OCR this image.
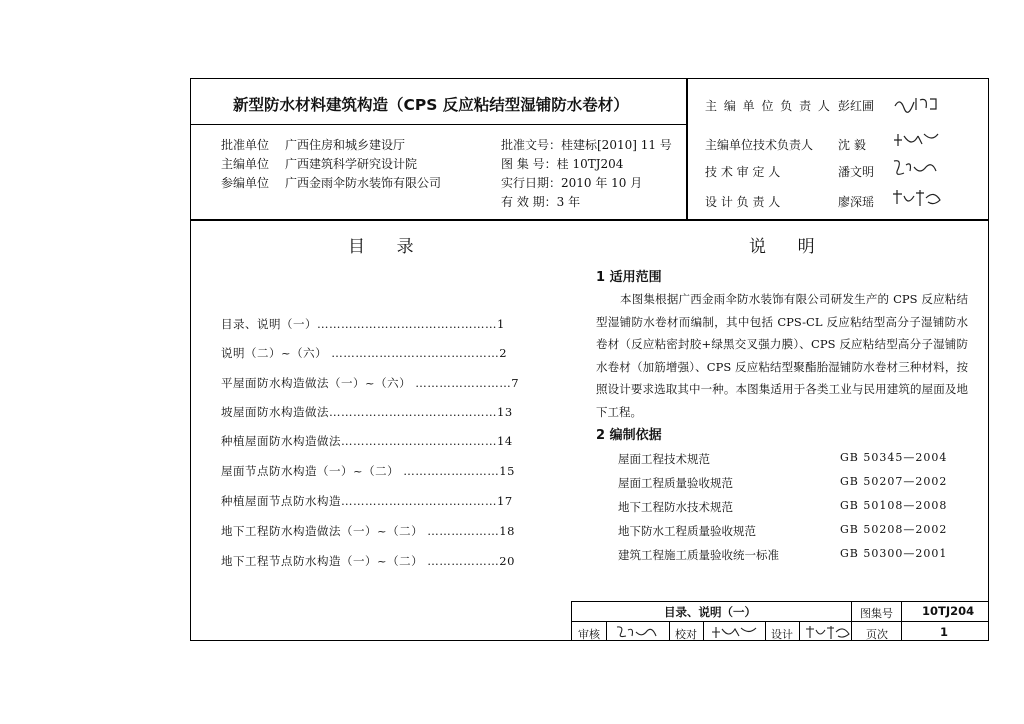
新型防水材料建筑构造（CPS 反应粘结型湿铺防水卷材）
批准单位 广西住房和城乡建设厅
主编单位 广西建筑科学研究设计院
参编单位 广西金雨伞防水装饰有限公司
批准文号：桂建标[2010] 11 号
图 集 号：桂 10TJ204
实行日期：2010 年 10 月
有 效 期：3 年
主 编 单 位 负 责 人 彭红圃
主编单位技术负责人 沈 毅
技 术 审 定 人	潘文明
设 计 负 责 人	廖深瑶
目    录	说    明
目录、说明（一）………………………………………1
说明（二）~（六） ……………………………………2
平屋面防水构造做法（一）~（六） ……………………7
坡屋面防水构造做法……………………………………13
种植屋面防水构造做法…………………………………14
屋面节点防水构造（一）~（二） ……………………15
种植屋面节点防水构造…………………………………17
地下工程防水构造做法（一）~（二） ………………18
地下工程节点防水构造（一）~（二） ………………20
1 适用范围
本图集根据广西金雨伞防水装饰有限公司研发生产的 CPS 反应粘结型湿铺防水卷材而编制，其中包括 CPS-CL 反应粘结型高分子湿铺防水卷材（反应粘密封胶+绿黑交叉强力膜）、CPS 反应粘结型高分子湿铺防水卷材（加筋增强）、CPS 反应粘结型聚酯胎湿铺防水卷材三种材料，按照设计要求选取其中一种。本图集适用于各类工业与民用建筑的屋面及地下工程。
2 编制依据
屋面工程技术规范	GB 50345—2004
屋面工程质量验收规范	GB 50207—2002
地下工程防水技术规范	GB 50108—2008
地下防水工程质量验收规范	GB 50208—2002
建筑工程施工质量验收统一标准	GB 50300—2001
目录、说明（一）	图集号	10TJ204
审核	校对	设计	页次	1
